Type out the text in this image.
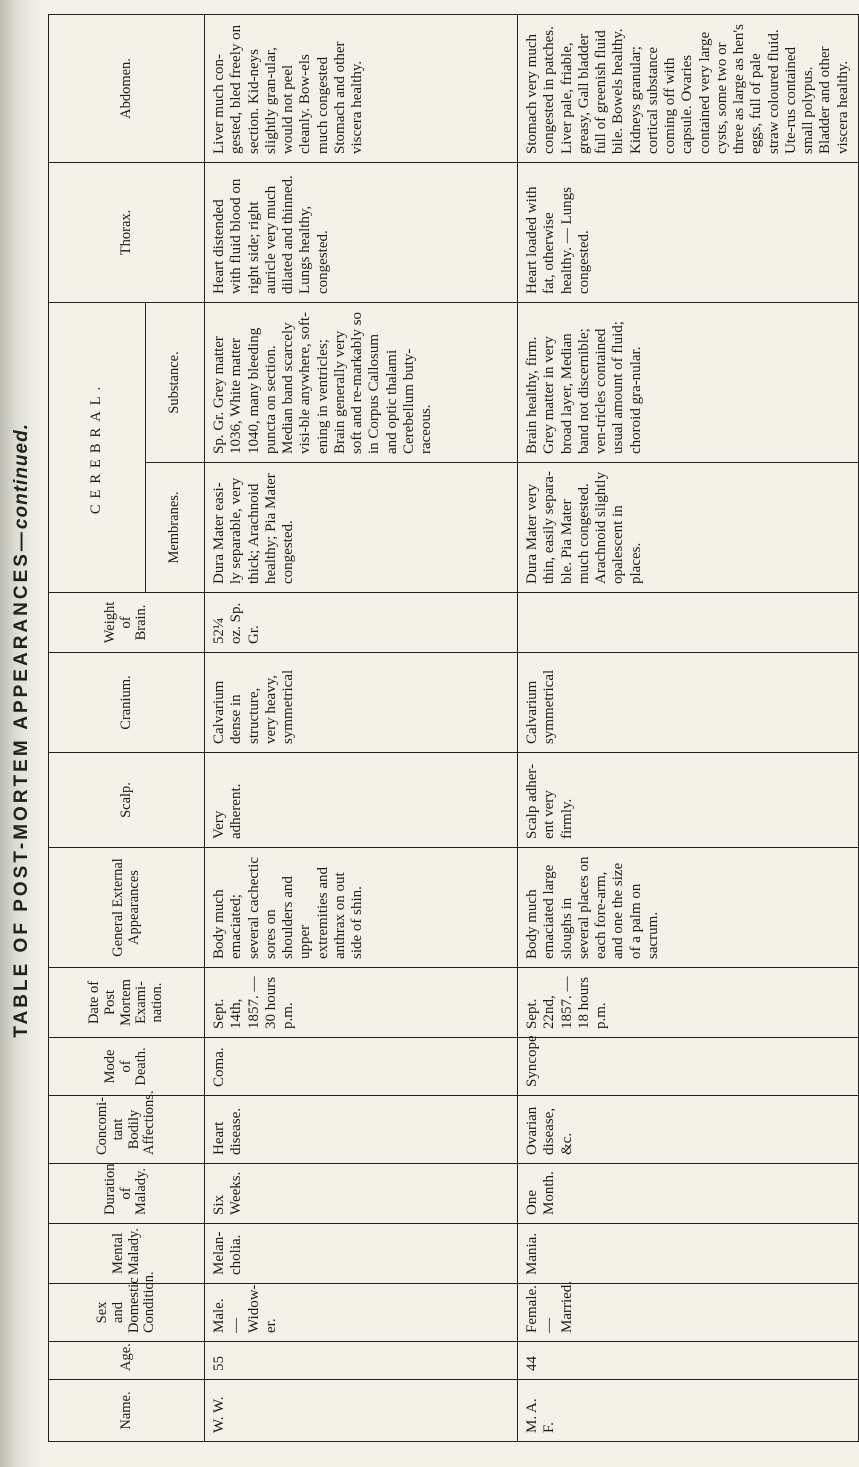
TABLE OF POST-MORTEM APPEARANCES—continued.
Name.	Age.	Sex and Domestic Condition.	Mental Malady.	Duration of Malady.	Concomi-tant Bodily Affections.	Mode of Death.	Date of Post Mortem Exami-nation.	General External Appearances	Scalp.	Cranium.	Weight of Brain.	CEREBRAL.		Thorax.	Abdomen.
												Membranes.	Substance.		
W. W.	55	Male. — Widow-er.	Melan-cholia.	Six Weeks.	Heart disease.	Coma.	Sept. 14th, 1857. — 30 hours p.m.	Body much emaciated; several cachectic sores on shoulders and upper extremities and anthrax on out side of shin.	Very adherent.	Calvarium dense in structure, very heavy, symmetrical	52¼ oz. Sp. Gr.	Dura Mater easi-ly separable, very thick; Arachnoid healthy; Pia Mater congested.	Sp. Gr. Grey matter 1036, White matter 1040, many bleeding puncta on section. Median band scarcely visi-ble anywhere, soft-ening in ventricles; Brain generally very soft and re-markably so in Corpus Callosum and optic thalami Cerebellum buty-raceous.	Heart distended with fluid blood on right side; right auricle very much dilated and thinned. Lungs healthy, congested.	Liver much con-gested, bled freely on section. Kid-neys slightly gran-ular, would not peel cleanly. Bow-els much congested Stomach and other viscera healthy.
M. A. F.	44	Female. — Married.	Mania.	One Month.	Ovarian disease, &c.	Syncope	Sept. 22nd, 1857. — 18 hours p.m.	Body much emaciated large sloughs in several places on each fore-arm, and one the size of a palm on sacrum.	Scalp adher-ent very firmly.	Calvarium symmetrical		Dura Mater very thin, easily separa-ble. Pia Mater much congested. Arachnoid slightly opalescent in places.	Brain healthy, firm. Grey matter in very broad layer, Median band not discernible; ven-tricles contained usual amount of fluid; choroid gra-nular.	Heart loaded with fat, otherwise healthy. — Lungs congested.	Stomach very much congested in patches. Liver pale, friable, greasy, Gall bladder full of greenish fluid bile. Bowels healthy. Kidneys granular; cortical substance coming off with capsule. Ovaries contained very large cysts, some two or three as large as hen's eggs, full of pale straw coloured fluid. Ute-rus contained small polypus. Bladder and other viscera healthy.
